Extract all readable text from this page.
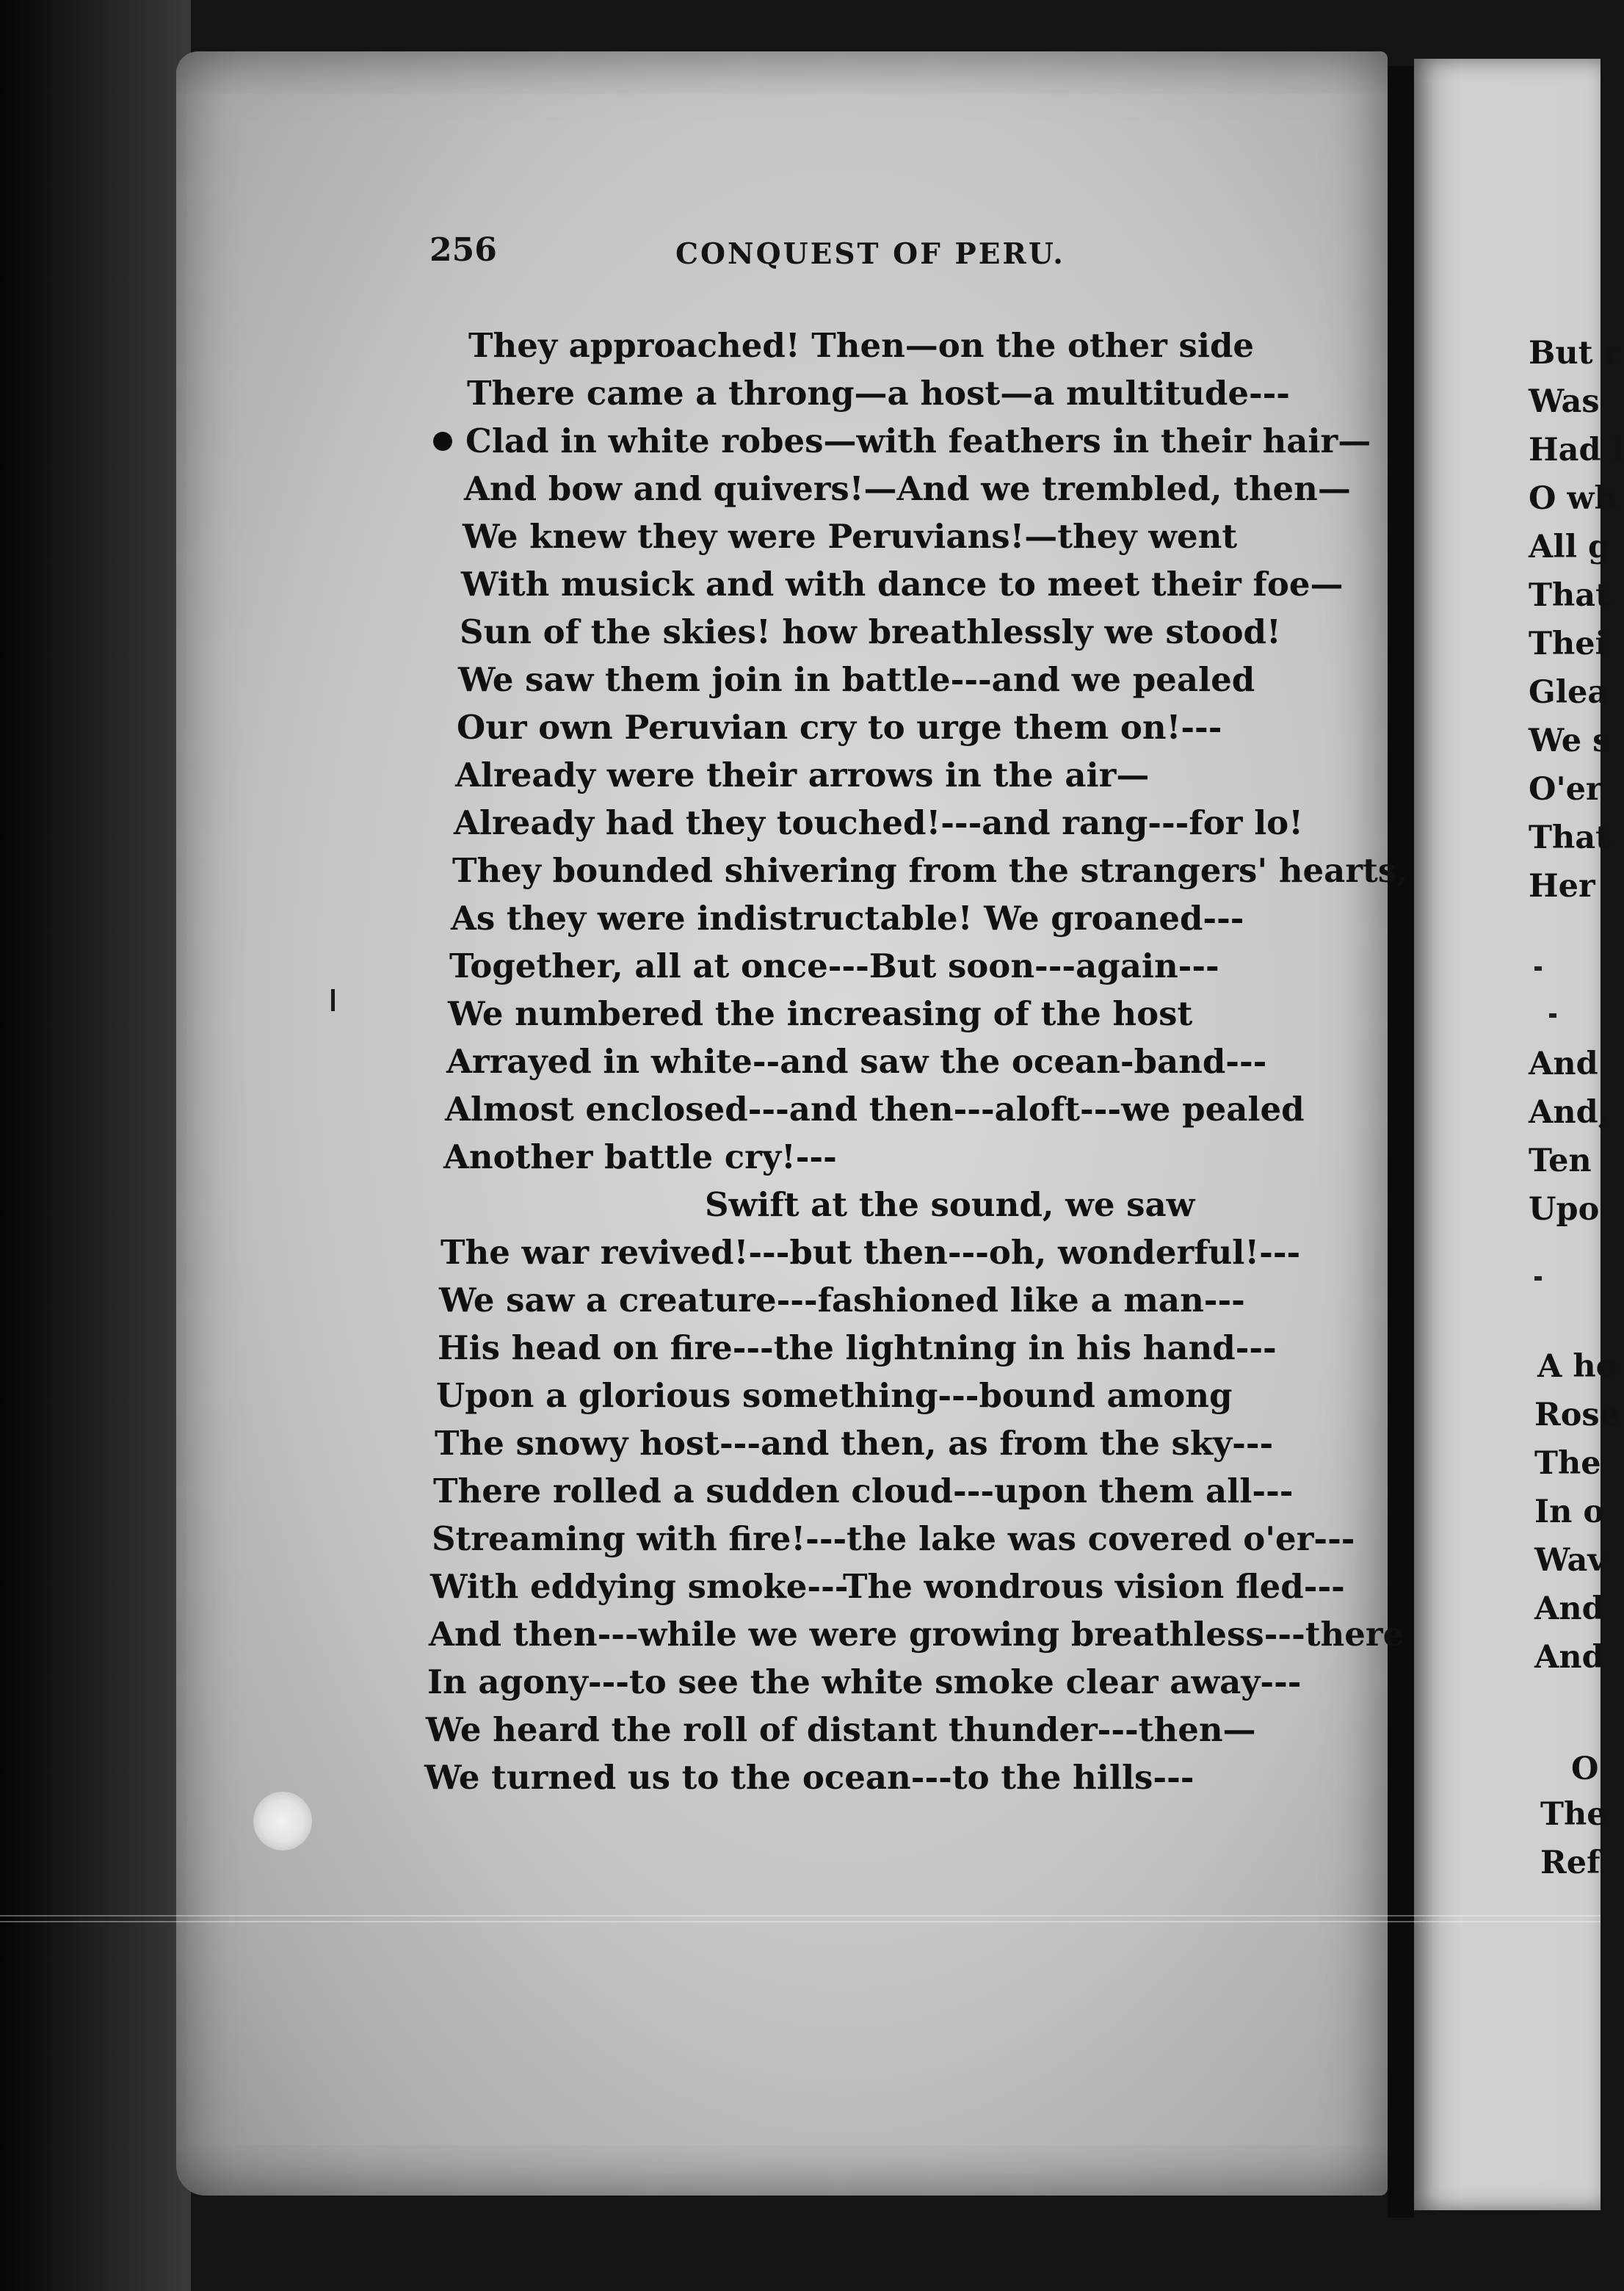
256	CONQUEST OF PERU.
They approached! Then—on the other side
There came a throng—a host—a multitude---
Clad in white robes—with feathers in their hair—
And bow and quivers!—And we trembled, then—
We knew they were Peruvians!—they went
With musick and with dance to meet their foe—
Sun of the skies! how breathlessly we stood!
We saw them join in battle---and we pealed
Our own Peruvian cry to urge them on!---
Already were their arrows in the air—
Already had they touched!---and rang---for lo!
They bounded shivering from the strangers' hearts,
As they were indistructable! We groaned---
Together, all at once---But soon---again---
We numbered the increasing of the host
Arrayed in white--and saw the ocean-band---
Almost enclosed---and then---aloft---we pealed
Another battle cry!---
Swift at the sound, we saw
The war revived!---but then---oh, wonderful!---
We saw a creature---fashioned like a man---
His head on fire---the lightning in his hand---
Upon a glorious something---bound among
The snowy host---and then, as from the sky---
There rolled a sudden cloud---upon them all---
Streaming with fire!---the lake was covered o'er---
With eddying smoke---The wondrous vision fled---
And then---while we were growing breathless---there
In agony---to see the white smoke clear away---
We heard the roll of distant thunder---then—
We turned us to the ocean---to the hills---
But r
Was
Had l
O wh
All g
That
Thei
Glea
We s
O'er
That
Her
And
And,
Ten
Upo
A ho
Rose
The
In o
Wav
And
And
O
The
Ref
